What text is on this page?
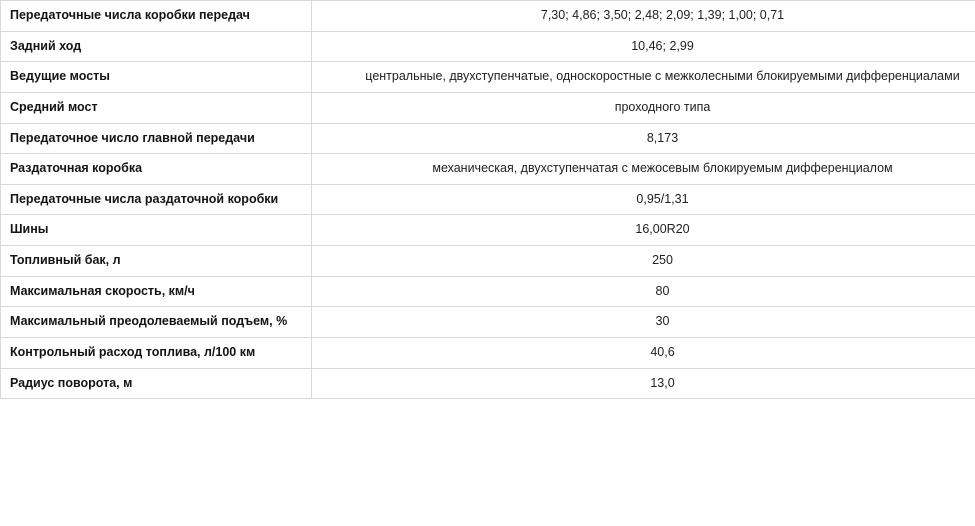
Передаточные числа коробки передач	7,30; 4,86; 3,50; 2,48; 2,09; 1,39; 1,00; 0,71

Задний ход	10,46; 2,99

Ведущие мосты	центральные, двухступенчатые, односкоростные с межколесными блокируемыми дифференциалами

Средний мост	проходного типа

Передаточное число главной передачи	8,173

Раздаточная коробка	механическая, двухступенчатая с межосевым блокируемым дифференциалом

Передаточные числа раздаточной коробки	0,95/1,31

Шины	16,00R20

Топливный бак, л	250

Максимальная скорость, км/ч	80

Максимальный преодолеваемый подъем, %	30

Контрольный расход топлива, л/100 км	40,6

Радиус поворота, м	13,0
